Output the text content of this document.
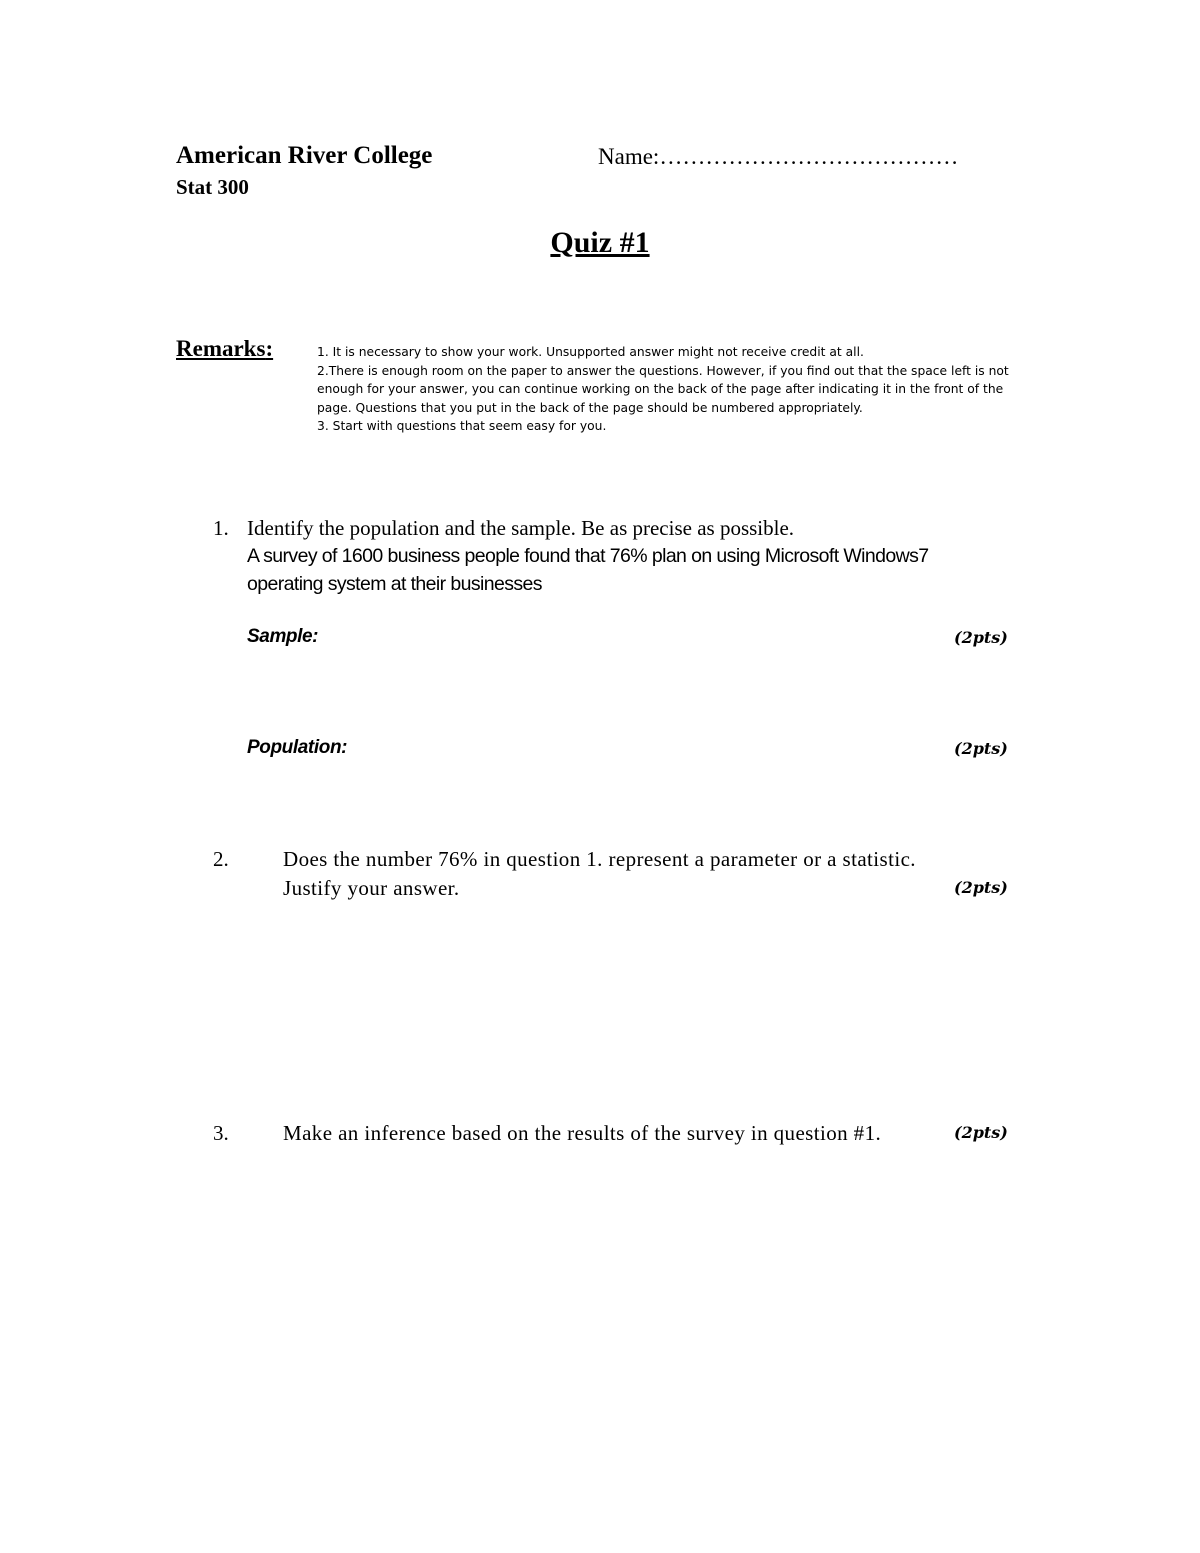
American River College
Stat 300
Name:…………………………………
Quiz #1
Remarks:	1. It is necessary to show your work. Unsupported answer might not receive credit at all.
2.There is enough room on the paper to answer the questions. However, if you find out that the space left is not
enough for your answer, you can continue working on the back of the page after indicating it in the front of the
page. Questions that you put in the back of the page should be numbered appropriately.
3. Start with questions that seem easy for you.
1. Identify the population and the sample. Be as precise as possible.
A survey of 1600 business people found that 76% plan on using Microsoft Windows7
operating system at their businesses
Sample:	(2pts)
Population:	(2pts)
2.	Does the number 76% in question 1. represent a parameter or a statistic.
Justify your answer.	(2pts)
3.	Make an inference based on the results of the survey in question #1.	(2pts)
